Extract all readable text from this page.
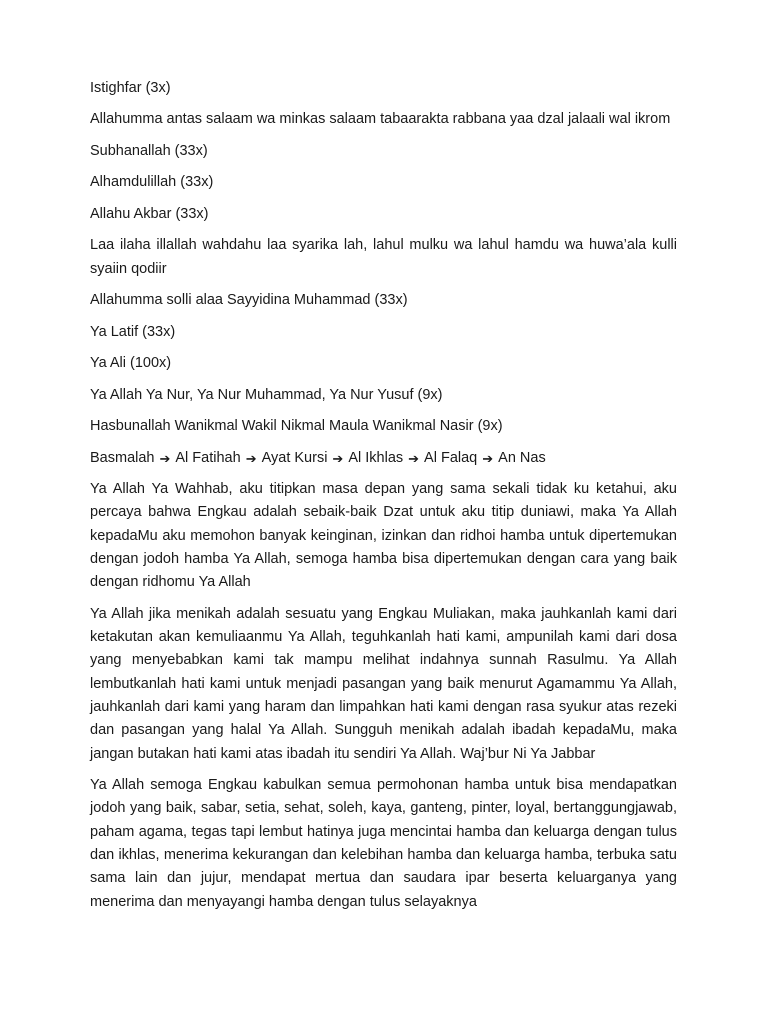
Istighfar (3x)

Allahumma antas salaam wa minkas salaam tabaarakta rabbana yaa dzal jalaali wal ikrom

Subhanallah (33x)

Alhamdulillah (33x)

Allahu Akbar (33x)

Laa ilaha illallah wahdahu laa syarika lah, lahul mulku wa lahul hamdu wa huwa’ala kulli syaiin qodiir

Allahumma solli alaa Sayyidina Muhammad (33x)

Ya Latif (33x)

Ya Ali (100x)

Ya Allah Ya Nur, Ya Nur Muhammad, Ya Nur Yusuf (9x)

Hasbunallah Wanikmal Wakil Nikmal Maula Wanikmal Nasir (9x)

Basmalah ➔ Al Fatihah ➔ Ayat Kursi ➔ Al Ikhlas ➔ Al Falaq ➔ An Nas

Ya Allah Ya Wahhab, aku titipkan masa depan yang sama sekali tidak ku ketahui, aku percaya bahwa Engkau adalah sebaik-baik Dzat untuk aku titip duniawi, maka Ya Allah kepadaMu aku memohon banyak keinginan, izinkan dan ridhoi hamba untuk dipertemukan dengan jodoh hamba Ya Allah, semoga hamba bisa dipertemukan dengan cara yang baik dengan ridhomu Ya Allah

Ya Allah jika menikah adalah sesuatu yang Engkau Muliakan, maka jauhkanlah kami dari ketakutan akan kemuliaanmu Ya Allah, teguhkanlah hati kami, ampunilah kami dari dosa yang menyebabkan kami tak mampu melihat indahnya sunnah Rasulmu. Ya Allah lembutkanlah hati kami untuk menjadi pasangan yang baik menurut Agamammu Ya Allah, jauhkanlah dari kami yang haram dan limpahkan hati kami dengan rasa syukur atas rezeki dan pasangan yang halal Ya Allah. Sungguh menikah adalah ibadah kepadaMu, maka jangan butakan hati kami atas ibadah itu sendiri Ya Allah. Waj’bur Ni Ya Jabbar

Ya Allah semoga Engkau kabulkan semua permohonan hamba untuk bisa mendapatkan jodoh yang baik, sabar, setia, sehat, soleh, kaya, ganteng, pinter, loyal, bertanggungjawab, paham agama, tegas tapi lembut hatinya juga mencintai hamba dan keluarga dengan tulus dan ikhlas, menerima kekurangan dan kelebihan hamba dan keluarga hamba, terbuka satu sama lain dan jujur, mendapat mertua dan saudara ipar beserta keluarganya yang menerima dan menyayangi hamba dengan tulus selayaknya
